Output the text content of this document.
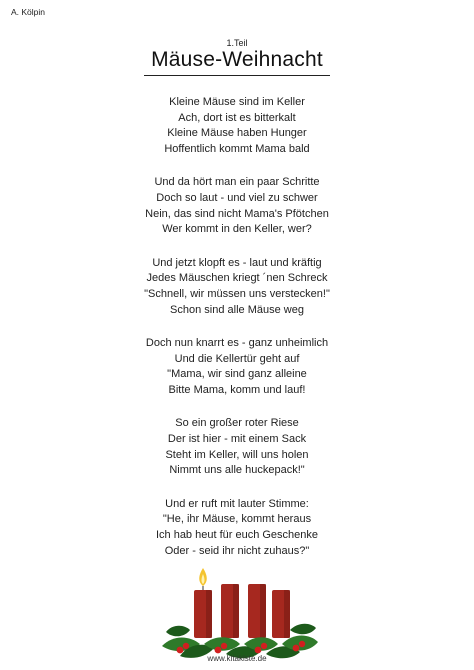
A. Kölpin
1.Teil
Mäuse-Weihnacht
Kleine Mäuse sind im Keller
Ach, dort ist es bitterkalt
Kleine Mäuse haben Hunger
Hoffentlich kommt Mama bald
Und da hört man ein paar Schritte
Doch so laut - und viel zu schwer
Nein, das sind nicht Mama's Pfötchen
Wer kommt in den Keller, wer?
Und jetzt klopft es - laut und kräftig
Jedes Mäuschen kriegt ´nen Schreck
"Schnell, wir müssen uns verstecken!"
Schon sind alle Mäuse weg
Doch nun knarrt es - ganz unheimlich
Und die Kellertür geht auf
"Mama, wir sind ganz alleine
Bitte Mama, komm und lauf!
So ein großer roter Riese
Der ist hier - mit einem Sack
Steht im Keller, will uns holen
Nimmt uns alle huckepack!"
Und er ruft mit lauter Stimme:
"He, ihr Mäuse, kommt heraus
Ich hab heut für euch Geschenke
Oder - seid ihr nicht zuhaus?"
www.kitakiste.de
